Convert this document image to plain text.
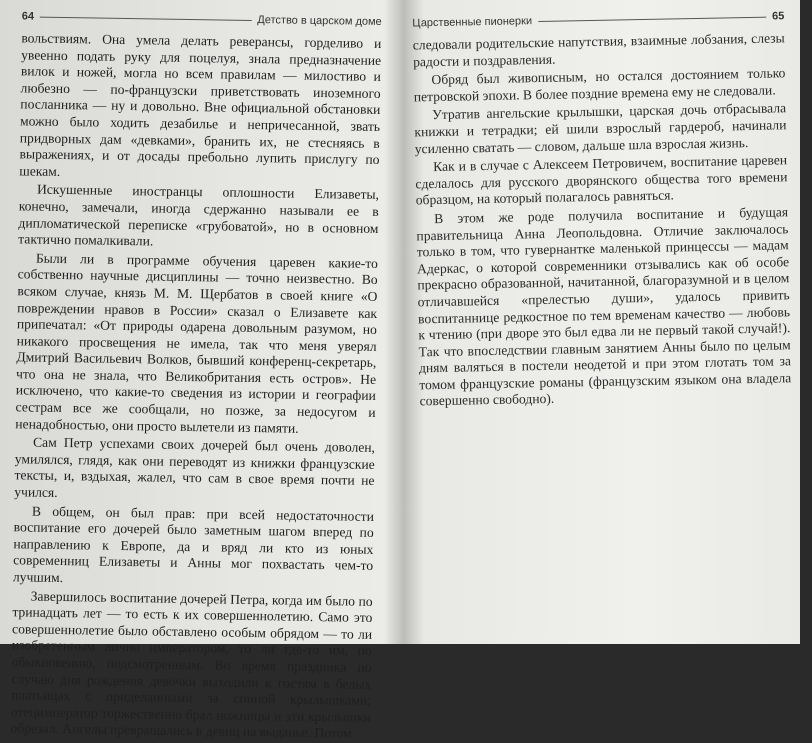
64	Детство в царском доме

вольствиям. Она умела делать реверансы, горделиво и увеенно подать руку для поцелуя, знала предназначение вилок и ножей, могла но всем правилам — милостиво и любезно — по-французски приветствовать иноземного посланника — ну и довольно. Вне официальной обстановки можно было ходить дезабилье и непричесанной, звать придворных дам «девками», бранить их, не стесняясь в выражениях, и от досады пребольно лупить прислугу по шекам.

Искушенные иностранцы оплошности Елизаветы, конечно, замечали, иногда сдержанно называли ее в дипломатической переписке «грубоватой», но в основном тактично помалкивали.

Были ли в программе обучения царевен какие-то собственно научные дисциплины — точно неизвестно. Во всяком случае, князь М. М. Щербатов в своей книге «О повреждении нравов в России» сказал о Елизавете как припечатал: «От природы одарена довольным разумом, но никакого просвещения не имела, так что меня уверял Дмитрий Васильевич Волков, бывший конференц-секретарь, что она не знала, что Великобритания есть остров». Не исключено, что какие-то сведения из истории и географии сестрам все же сообщали, но позже, за недосугом и ненадобностью, они просто вылетели из памяти.

Сам Петр успехами своих дочерей был очень доволен, умилялся, глядя, как они переводят из книжки французские тексты, и, вздыхая, жалел, что сам в свое время почти не учился.

В общем, он был прав: при всей недостаточности воспитание его дочерей было заметным шагом вперед по направлению к Европе, да и вряд ли кто из юных современниц Елизаветы и Анны мог похвастать чем-то лучшим.

Завершилось воспитание дочерей Петра, когда им было по тринадцать лет — то есть к их совершеннолетию. Само это совершеннолетие было обставлено особым обрядом — то ли изобретенным лично императором, то ли где-то им, по обыкновению, подсмотренным. Во время праздника по случаю дня рождения девочки выходили к гостям в белых платьицах с приделанными за спиной крылышками; отецимператор торжественно брал ножницы и эти крылышки обрезал. Ангелы превращались в девиц на выданье. Потом

Царственные пионерки	65

следовали родительские напутствия, взаимные лобзания, слезы радости и поздравления.

Обряд был живописным, но остался достоянием только петровской эпохи. В более поздние времена ему не следовали.

Утратив ангельские крылышки, царская дочь отбрасывала книжки и тетрадки; ей шили взрослый гардероб, начинали усиленно сватать — словом, дальше шла взрослая жизнь.

Как и в случае с Алексеем Петровичем, воспитание царевен сделалось для русского дворянского общества того времени образцом, на который полагалось равняться.

В этом же роде получила воспитание и будущая правительница Анна Леопольдовна. Отличие заключалось только в том, что гувернантке маленькой принцессы — мадам Адеркас, о которой современники отзывались как об особе прекрасно образованной, начитанной, благоразумной и в целом отличавшейся «прелестью души», удалось привить воспитаннице редкостное по тем временам качество — любовь к чтению (при дворе это был едва ли не первый такой случай!). Так что впоследствии главным занятием Анны было по целым дням валяться в постели неодетой и при этом глотать том за томом французские романы (французским языком она владела совершенно свободно).
